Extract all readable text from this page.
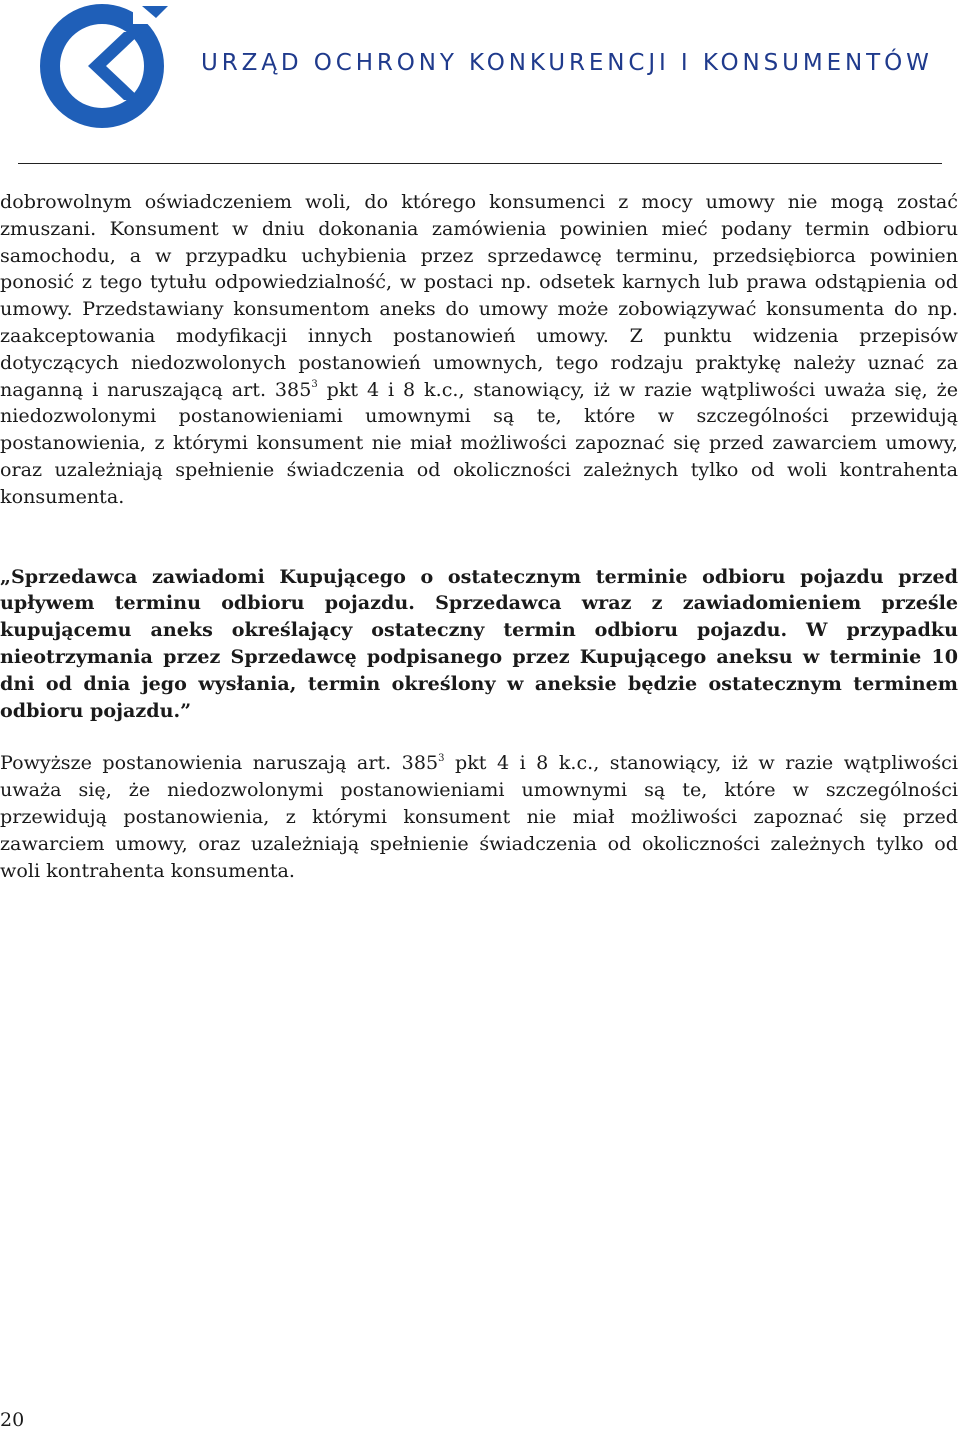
URZĄD OCHRONY KONKURENCJI I KONSUMENTÓW

dobrowolnym oświadczeniem woli, do którego konsumenci z mocy umowy nie mogą zostać zmuszani. Konsument w dniu dokonania zamówienia powinien mieć podany termin odbioru samochodu, a w przypadku uchybienia przez sprzedawcę terminu, przedsiębiorca powinien ponosić z tego tytułu odpowiedzialność, w postaci np. odsetek karnych lub prawa odstąpienia od umowy. Przedstawiany konsumentom aneks do umowy może zobowiązywać konsumenta do np. zaakceptowania modyfikacji innych postanowień umowy. Z punktu widzenia przepisów dotyczących niedozwolonych postanowień umownych, tego rodzaju praktykę należy uznać za naganną i naruszającą art. $385^3$ pkt 4 i 8 k.c., stanowiący, iż w razie wątpliwości uważa się, że niedozwolonymi postanowieniami umownymi są te, które w szczególności przewidują postanowienia, z którymi konsument nie miał możliwości zapoznać się przed zawarciem umowy, oraz uzależniają spełnienie świadczenia od okoliczności zależnych tylko od woli kontrahenta konsumenta.

„Sprzedawca zawiadomi Kupującego o ostatecznym terminie odbioru pojazdu przed upływem terminu odbioru pojazdu. Sprzedawca wraz z zawiadomieniem prześle kupującemu aneks określający ostateczny termin odbioru pojazdu. W przypadku nieotrzymania przez Sprzedawcę podpisanego przez Kupującego aneksu w terminie 10 dni od dnia jego wysłania, termin określony w aneksie będzie ostatecznym terminem odbioru pojazdu.”

Powyższe postanowienia naruszają art. $385^3$ pkt 4 i 8 k.c., stanowiący, iż w razie wątpliwości uważa się, że niedozwolonymi postanowieniami umownymi są te, które w szczególności przewidują postanowienia, z którymi konsument nie miał możliwości zapoznać się przed zawarciem umowy, oraz uzależniają spełnienie świadczenia od okoliczności zależnych tylko od woli kontrahenta konsumenta.

20
